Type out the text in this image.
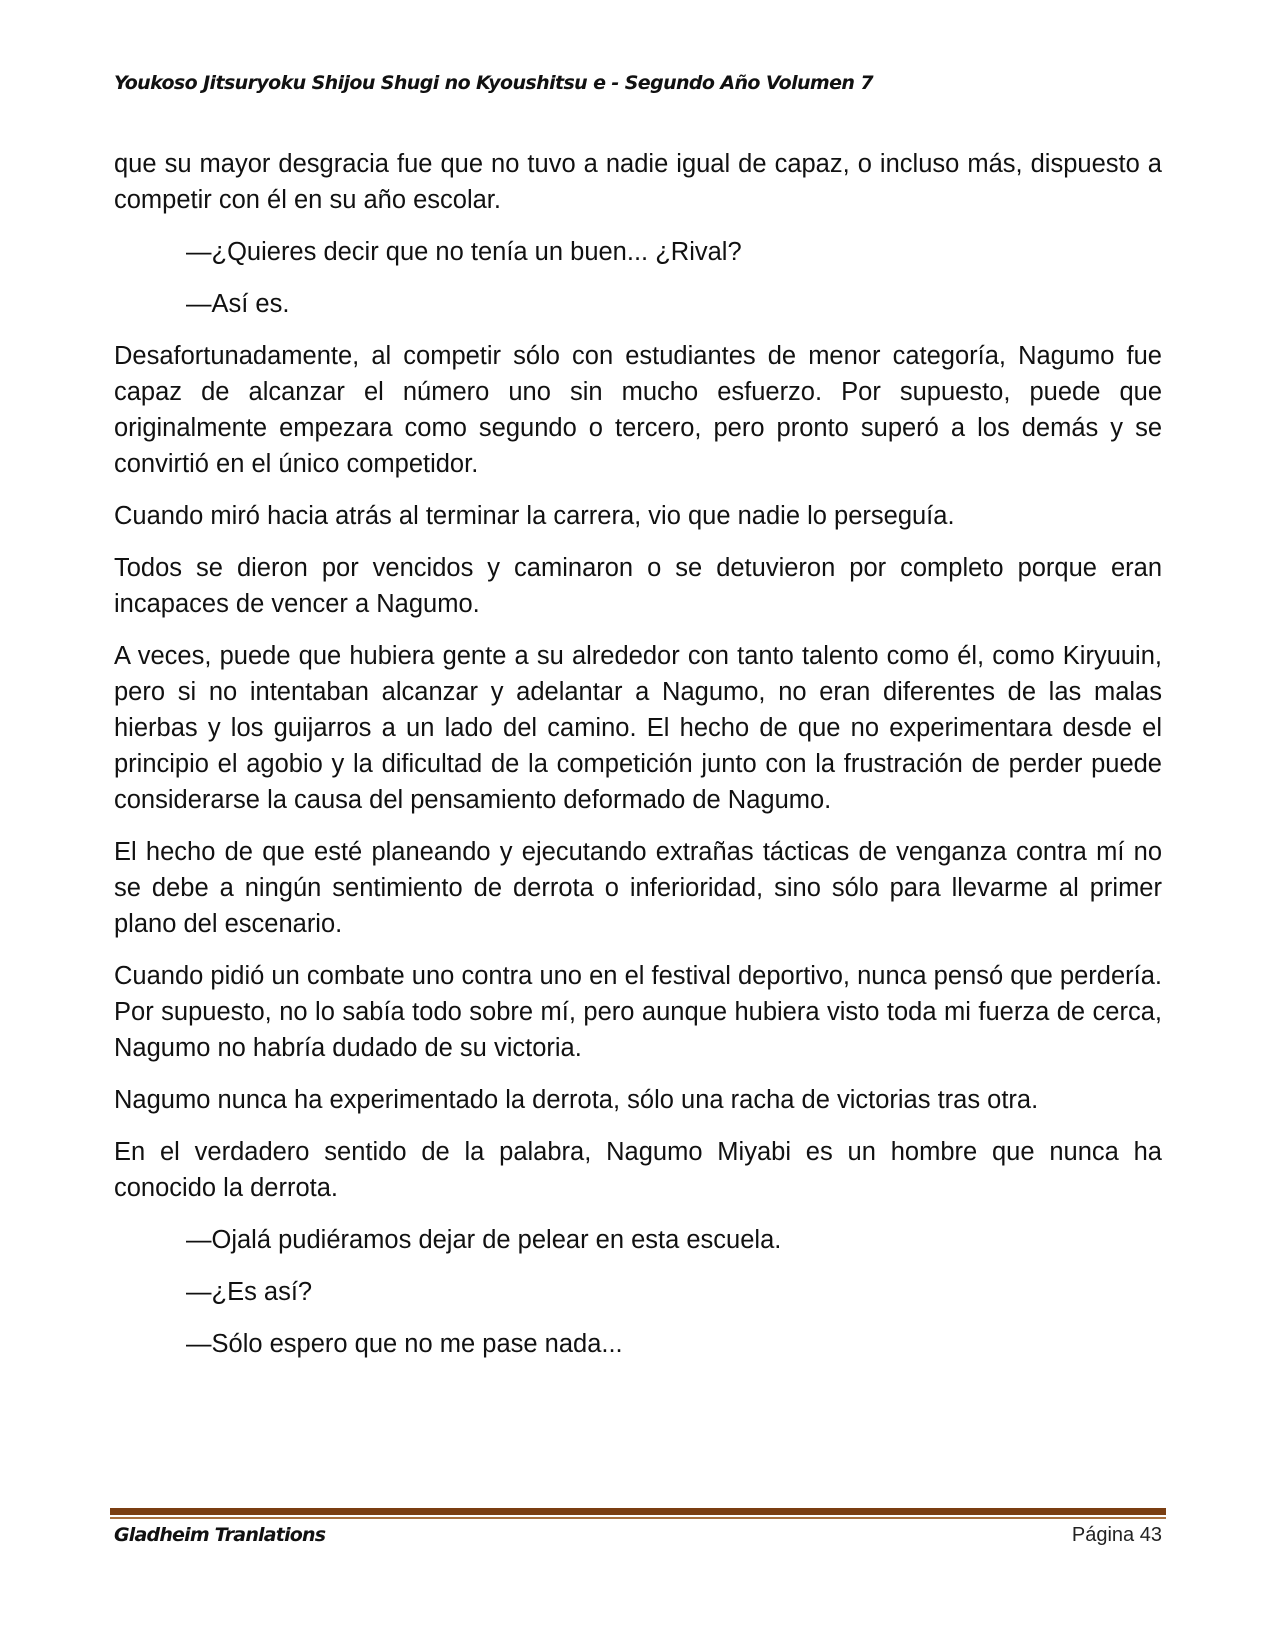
Youkoso Jitsuryoku Shijou Shugi no Kyoushitsu e - Segundo Año Volumen 7

que su mayor desgracia fue que no tuvo a nadie igual de capaz, o incluso más, dispuesto a competir con él en su año escolar.

—¿Quieres decir que no tenía un buen... ¿Rival?

—Así es.

Desafortunadamente, al competir sólo con estudiantes de menor categoría, Nagumo fue capaz de alcanzar el número uno sin mucho esfuerzo. Por supuesto, puede que originalmente empezara como segundo o tercero, pero pronto superó a los demás y se convirtió en el único competidor.

Cuando miró hacia atrás al terminar la carrera, vio que nadie lo perseguía.

Todos se dieron por vencidos y caminaron o se detuvieron por completo porque eran incapaces de vencer a Nagumo.

A veces, puede que hubiera gente a su alrededor con tanto talento como él, como Kiryuuin, pero si no intentaban alcanzar y adelantar a Nagumo, no eran diferentes de las malas hierbas y los guijarros a un lado del camino. El hecho de que no experimentara desde el principio el agobio y la dificultad de la competición junto con la frustración de perder puede considerarse la causa del pensamiento deformado de Nagumo.

El hecho de que esté planeando y ejecutando extrañas tácticas de venganza contra mí no se debe a ningún sentimiento de derrota o inferioridad, sino sólo para llevarme al primer plano del escenario.

Cuando pidió un combate uno contra uno en el festival deportivo, nunca pensó que perdería. Por supuesto, no lo sabía todo sobre mí, pero aunque hubiera visto toda mi fuerza de cerca, Nagumo no habría dudado de su victoria.

Nagumo nunca ha experimentado la derrota, sólo una racha de victorias tras otra.

En el verdadero sentido de la palabra, Nagumo Miyabi es un hombre que nunca ha conocido la derrota.

—Ojalá pudiéramos dejar de pelear en esta escuela.

—¿Es así?

—Sólo espero que no me pase nada...

Gladheim Tranlations	Página 43
